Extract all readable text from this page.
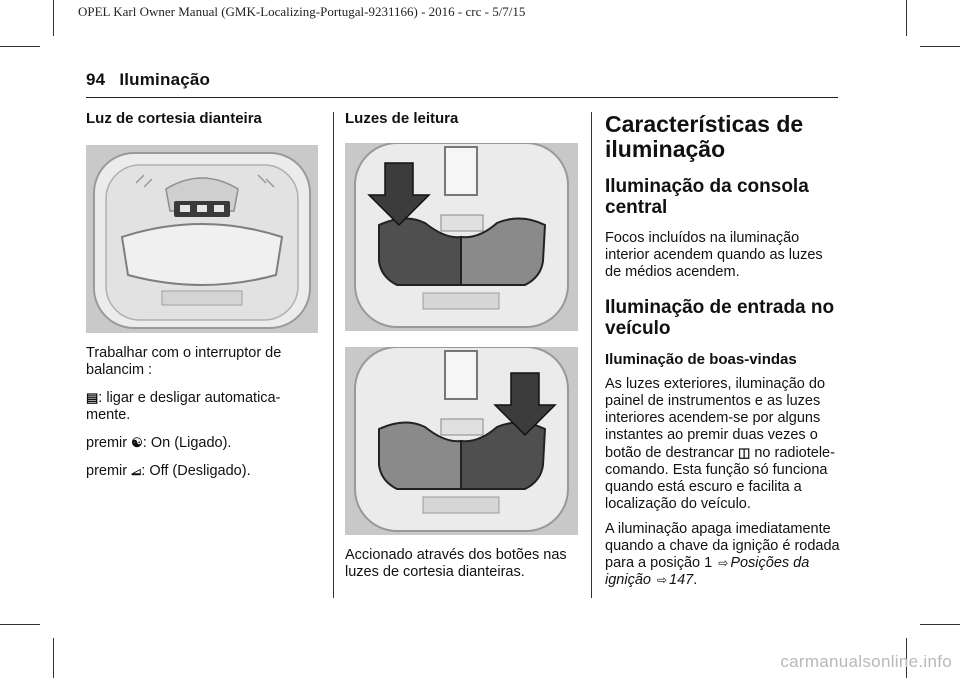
OPEL Karl Owner Manual (GMK-Localizing-Portugal-9231166) - 2016 - crc - 5/7/15
94 Iluminação
Luz de cortesia dianteira
Trabalhar com o interruptor de balancim :
▤: ligar e desligar automatica- mente.
premir ☯: On (Ligado).
premir ⧡: Off (Desligado).
Luzes de leitura
Accionado através dos botões nas luzes de cortesia dianteiras.
Características de iluminação
Iluminação da consola central
Focos incluídos na iluminação interior acendem quando as luzes de médios acendem.
Iluminação de entrada no veículo
Iluminação de boas-vindas
As luzes exteriores, iluminação do painel de instrumentos e as luzes interiores acendem-se por alguns instantes ao premir duas vezes o botão de destrancar ◫ no radiotele- comando. Esta função só funciona quando está escuro e facilita a localização do veículo.
A iluminação apaga imediatamente quando a chave da ignição é rodada para a posição 1 ⇨ Posições da ignição ⇨ 147.
carmanualsonline.info
